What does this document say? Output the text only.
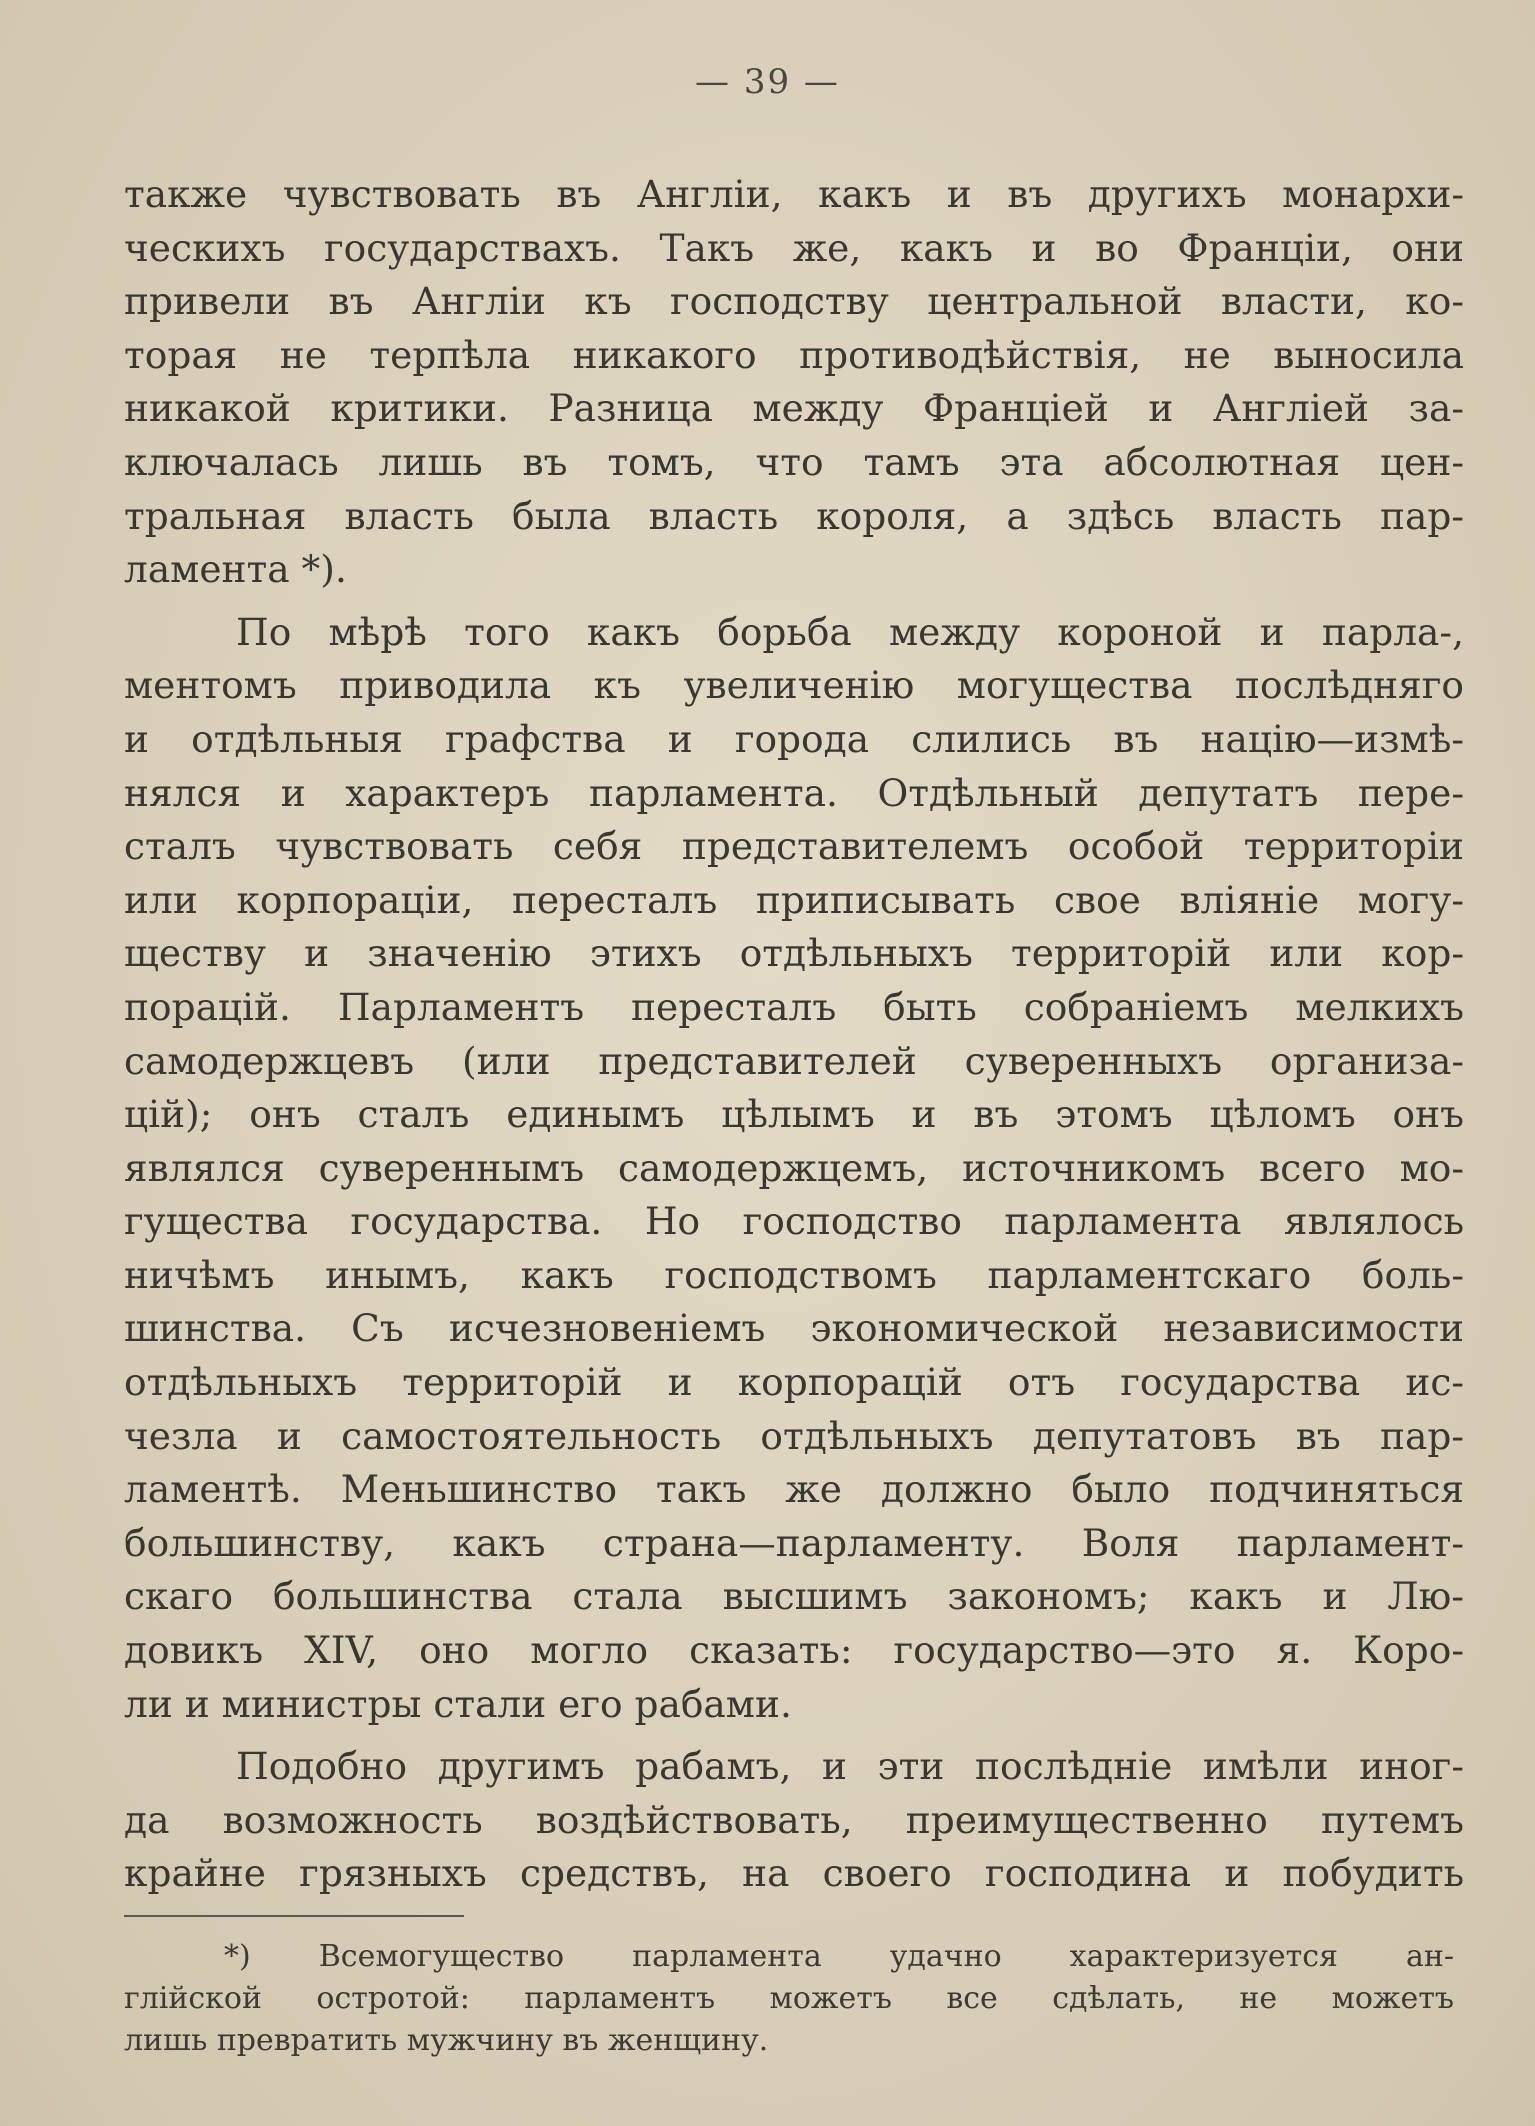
— 39 —

также чувствовать въ Англіи, какъ и въ другихъ монархи-
ческихъ государствахъ. Такъ же, какъ и во Франціи, они
привели въ Англіи къ господству центральной власти, ко-
торая не терпѣла никакого противодѣйствія, не выносила
никакой критики. Разница между Франціей и Англіей за-
ключалась лишь въ томъ, что тамъ эта абсолютная цен-
тральная власть была власть короля, а здѣсь власть пар-
ламента *).

По мѣрѣ того какъ борьба между короной и парла-,
ментомъ приводила къ увеличенію могущества послѣдняго
и отдѣльныя графства и города слились въ націю—измѣ-
нялся и характеръ парламента. Отдѣльный депутатъ пере-
сталъ чувствовать себя представителемъ особой территоріи
или корпораціи, пересталъ приписывать свое вліяніе могу-
ществу и значенію этихъ отдѣльныхъ территорій или кор-
порацій. Парламентъ пересталъ быть собраніемъ мелкихъ
самодержцевъ (или представителей суверенныхъ организа-
цій); онъ сталъ единымъ цѣлымъ и въ этомъ цѣломъ онъ
являлся сувереннымъ самодержцемъ, источникомъ всего мо-
гущества государства. Но господство парламента являлось
ничѣмъ инымъ, какъ господствомъ парламентскаго боль-
шинства. Съ исчезновеніемъ экономической независимости
отдѣльныхъ территорій и корпорацій отъ государства ис-
чезла и самостоятельность отдѣльныхъ депутатовъ въ пар-
ламентѣ. Меньшинство такъ же должно было подчиняться
большинству, какъ страна—парламенту. Воля парламент-
скаго большинства стала высшимъ закономъ; какъ и Лю-
довикъ XIV, оно могло сказать: государство—это я. Коро-
ли и министры стали его рабами.

Подобно другимъ рабамъ, и эти послѣдніе имѣли иног-
да возможность воздѣйствовать, преимущественно путемъ
крайне грязныхъ средствъ, на своего господина и побудить

*) Всемогущество парламента удачно характеризуется ан-
глійской остротой: парламентъ можетъ все сдѣлать, не можетъ
лишь превратить мужчину въ женщину.
